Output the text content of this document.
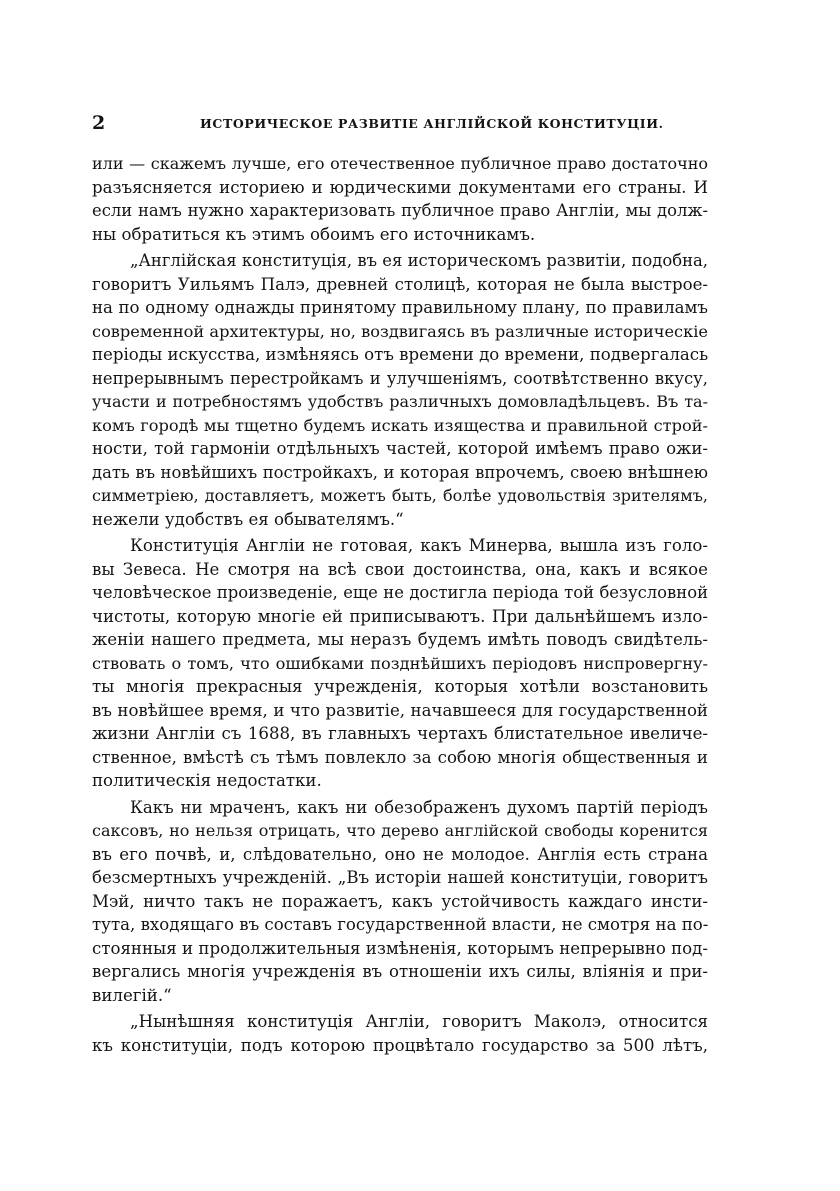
2	ИСТОРИЧЕСКОЕ РАЗВИТІЕ АНГЛІЙСКОЙ КОНСТИТУЦІИ.
или — скажемъ лучше, его отечественное публичное право достаточно
разъясняется историею и юрдическими документами его страны. И
если намъ нужно характеризовать публичное право Англіи, мы долж-
ны обратиться къ этимъ обоимъ его источникамъ.
„Англійская конституція, въ ея историческомъ развитіи, подобна,
говоритъ Уильямъ Палэ, древней столицѣ, которая не была выстрое-
на по одному однажды принятому правильному плану, по правиламъ
современной архитектуры, но, воздвигаясь въ различные историческіе
періоды искусства, измѣняясь отъ времени до времени, подвергалась
непрерывнымъ перестройкамъ и улучшеніямъ, соотвѣтственно вкусу,
участи и потребностямъ удобствъ различныхъ домовладѣльцевъ. Въ та-
комъ городѣ мы тщетно будемъ искать изящества и правильной строй-
ности, той гармоніи отдѣльныхъ частей, которой имѣемъ право ожи-
дать въ новѣйшихъ постройкахъ, и которая впрочемъ, своею внѣшнею
симметріею, доставляетъ, можетъ быть, болѣе удовольствія зрителямъ,
нежели удобствъ ея обывателямъ.“
Конституція Англіи не готовая, какъ Минерва, вышла изъ голо-
вы Зевеса. Не смотря на всѣ свои достоинства, она, какъ и всякое
человѣческое произведеніе, еще не достигла періода той безусловной
чистоты, которую многіе ей приписываютъ. При дальнѣйшемъ изло-
женіи нашего предмета, мы неразъ будемъ имѣть поводъ свидѣтель-
ствовать о томъ, что ошибками позднѣйшихъ періодовъ ниспровергну-
ты многія прекрасныя учрежденія, которыя хотѣли возстановить
въ новѣйшее время, и что развитіе, начавшееся для государственной
жизни Англіи съ 1688, въ главныхъ чертахъ блистательное ивеличе-
ственное, вмѣстѣ съ тѣмъ повлекло за собою многія общественныя и
политическія недостатки.
Какъ ни мраченъ, какъ ни обезображенъ духомъ партій періодъ
саксовъ, но нельзя отрицать, что дерево англійской свободы коренится
въ его почвѣ, и, слѣдовательно, оно не молодое. Англія есть страна
безсмертныхъ учрежденій. „Въ исторіи нашей конституціи, говоритъ
Мэй, ничто такъ не поражаетъ, какъ устойчивость каждаго инсти-
тута, входящаго въ составъ государственной власти, не смотря на по-
стоянныя и продолжительныя измѣненія, которымъ непрерывно под-
вергались многія учрежденія въ отношеніи ихъ силы, вліянія и при-
вилегій.“
„Нынѣшняя конституція Англіи, говоритъ Маколэ, относится
къ конституціи, подъ которою процвѣтало государство за 500 лѣтъ,
